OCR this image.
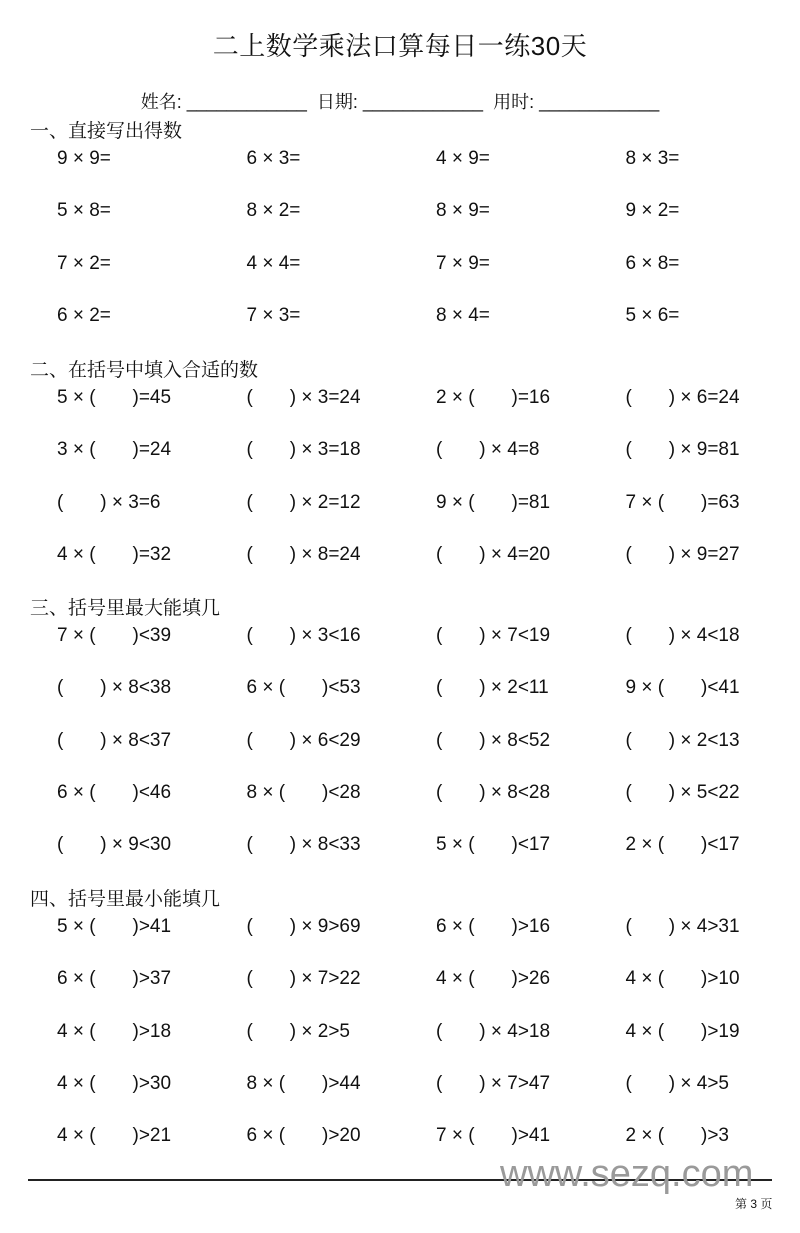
二上数学乘法口算每日一练30天
姓名: ____________ 日期: ____________ 用时: ____________
一、直接写出得数
9 × 9=	6 × 3=	4 × 9=	8 × 3=
5 × 8=	8 × 2=	8 × 9=	9 × 2=
7 × 2=	4 × 4=	7 × 9=	6 × 8=
6 × 2=	7 × 3=	8 × 4=	5 × 6=
二、在括号中填入合适的数
5 × (       )=45	(       ) × 3=24	2 × (       )=16	(       ) × 6=24
3 × (       )=24	(       ) × 3=18	(       ) × 4=8	(       ) × 9=81
(       ) × 3=6	(       ) × 2=12	9 × (       )=81	7 × (       )=63
4 × (       )=32	(       ) × 8=24	(       ) × 4=20	(       ) × 9=27
三、括号里最大能填几
7 × (       )<39	(       ) × 3<16	(       ) × 7<19	(       ) × 4<18
(       ) × 8<38	6 × (       )<53	(       ) × 2<11	9 × (       )<41
(       ) × 8<37	(       ) × 6<29	(       ) × 8<52	(       ) × 2<13
6 × (       )<46	8 × (       )<28	(       ) × 8<28	(       ) × 5<22
(       ) × 9<30	(       ) × 8<33	5 × (       )<17	2 × (       )<17
四、括号里最小能填几
5 × (       )>41	(       ) × 9>69	6 × (       )>16	(       ) × 4>31
6 × (       )>37	(       ) × 7>22	4 × (       )>26	4 × (       )>10
4 × (       )>18	(       ) × 2>5	(       ) × 4>18	4 × (       )>19
4 × (       )>30	8 × (       )>44	(       ) × 7>47	(       ) × 4>5
4 × (       )>21	6 × (       )>20	7 × (       )>41	2 × (       )>3
www.sezq.com
第 3 页
